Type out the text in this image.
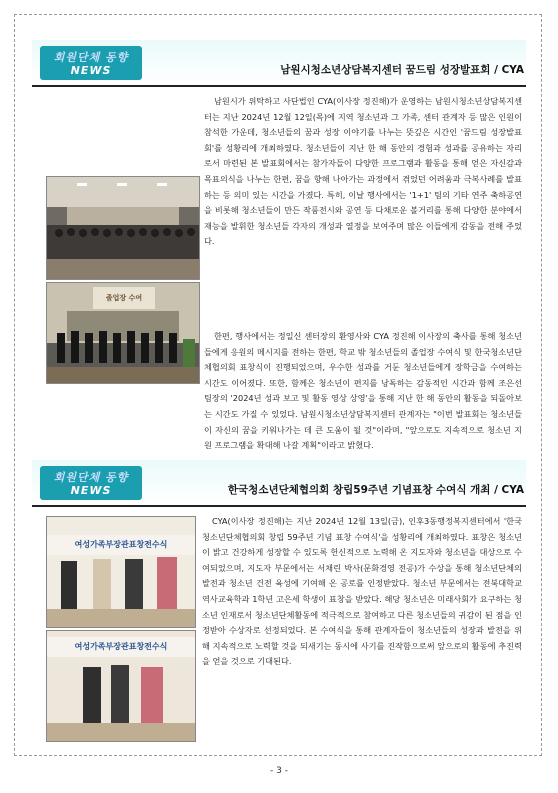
회원단체 동향
NEWS	남원시청소년상담복지센터 꿈드림 성장발표회 / CYA
졸업장 수여

남원시가 위탁하고 사단법인 CYA(이사장 정진해)가 운영하는 남원시청소년상담복지센터는 지난 2024년 12월 12일(목)에 지역 청소년과 그 가족, 센터 관계자 등 많은 인원이 참석한 가운데, 청소년들의 꿈과 성장 이야기를 나누는 뜻깊은 시간인 '꿈드림 성장발표회'를 성황리에 개최하였다. 청소년들이 지난 한 해 동안의 경험과 성과를 공유하는 자리로서 마련된 본 발표회에서는 참가자들이 다양한 프로그램과 활동을 통해 얻은 자신감과 목표의식을 나누는 한편, 꿈을 향해 나아가는 과정에서 겪었던 어려움과 극복사례를 발표하는 등 의미 있는 시간을 가졌다. 특히, 이날 행사에서는 '1+1' 팀의 기타 연주 축하공연을 비롯해 청소년들이 만든 작품전시와 공연 등 다채로운 볼거리를 통해 다양한 분야에서 재능을 발휘한 청소년들 각자의 개성과 열정을 보여주며 많은 이들에게 감동을 전해 주었다.

한편, 행사에서는 정일신 센터장의 환영사와 CYA 정진해 이사장의 축사를 통해 청소년들에게 응원의 메시지를 전하는 한편, 학교 밖 청소년들의 졸업장 수여식 및 한국청소년단체협의회 표창식이 진행되었으며, 우수한 성과를 거둔 청소년들에게 장학금을 수여하는 시간도 이어졌다. 또한, 함께은 청소년이 편지를 낭독하는 감동적인 시간과 함께 조은선 팀장의 '2024년 성과 보고 및 활동 영상 상영'을 통해 지난 한 해 동안의 활동을 되돌아보는 시간도 가질 수 있었다. 남원시청소년상담복지센터 관계자는 "이번 발표회는 청소년들이 자신의 꿈을 키워나가는 데 큰 도움이 될 것"이라며, "앞으로도 지속적으로 청소년 지원 프로그램을 확대해 나갈 계획"이라고 밝혔다.

회원단체 동향
NEWS	한국청소년단체협의회 창립59주년 기념표창 수여식 개최 / CYA
여성가족부장관표창전수식
여성가족부장관표창전수식

CYA(이사장 정진해)는 지난 2024년 12월 13일(금), 인후3동행정복지센터에서 '한국청소년단체협의회 창립 59주년 기념 표창 수여식'을 성황리에 개최하였다. 표창은 청소년이 밝고 건강하게 성장할 수 있도록 헌신적으로 노력해 온 지도자와 청소년을 대상으로 수여되었으며, 지도자 부문에서는 서채린 박사(문화경영 전공)가 수상을 통해 청소년단체의 발전과 청소년 건전 육성에 기여해 온 공로를 인정받았다. 청소년 부문에서는 전북대학교 역사교육학과 1학년 고은세 학생이 표창을 받았다. 해당 청소년은 미래사회가 요구하는 청소년 인재로서 청소년단체활동에 적극적으로 참여하고 다른 청소년들의 귀감이 된 점을 인정받아 수상자로 선정되었다. 본 수여식을 통해 관계자들이 청소년들의 성장과 발전을 위해 지속적으로 노력할 것을 되새기는 동시에 사기를 진작함으로써 앞으로의 활동에 추진력을 얻을 것으로 기대된다.

- 3 -
